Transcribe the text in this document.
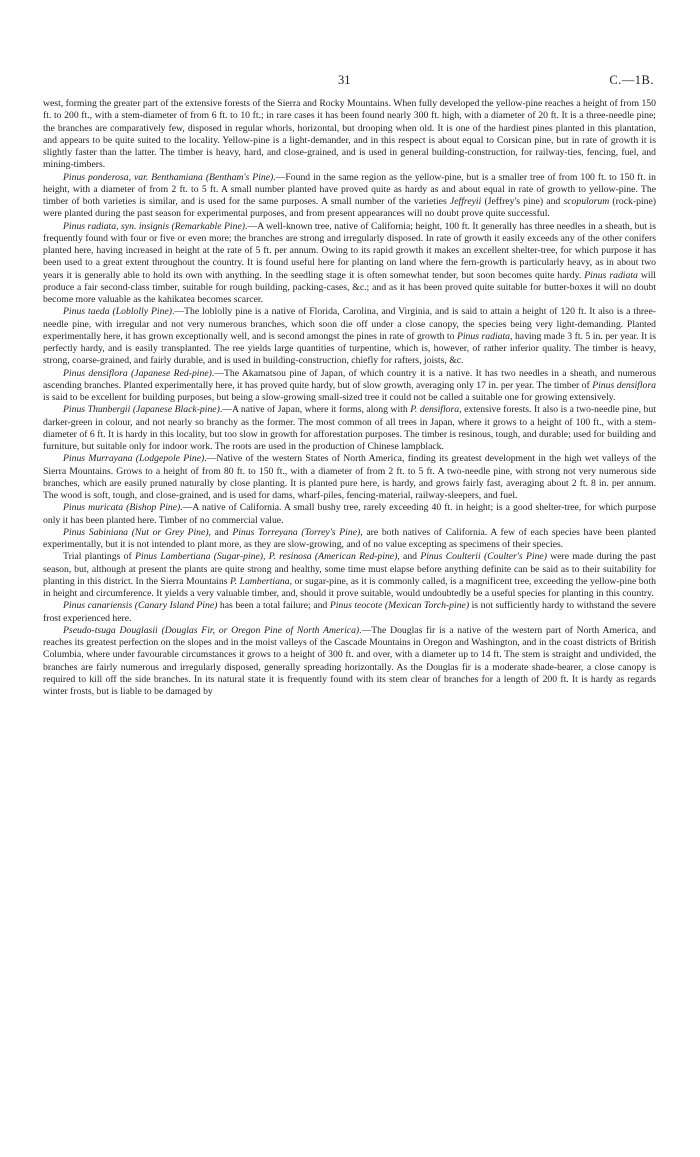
31	C.—1B.

west, forming the greater part of the extensive forests of the Sierra and Rocky Mountains. When fully developed the yellow-pine reaches a height of from 150 ft. to 200 ft., with a stem-diameter of from 6 ft. to 10 ft.; in rare cases it has been found nearly 300 ft. high, with a diameter of 20 ft. It is a three-needle pine; the branches are comparatively few, disposed in regular whorls, horizontal, but drooping when old. It is one of the hardiest pines planted in this plantation, and appears to be quite suited to the locality. Yellow-pine is a light-demander, and in this respect is about equal to Corsican pine, but in rate of growth it is slightly faster than the latter. The timber is heavy, hard, and close-grained, and is used in general building-construction, for railway-ties, fencing, fuel, and mining-timbers.

Pinus ponderosa, var. Benthamiana (Bentham's Pine).—Found in the same region as the yellow-pine, but is a smaller tree of from 100 ft. to 150 ft. in height, with a diameter of from 2 ft. to 5 ft. A small number planted have proved quite as hardy as and about equal in rate of growth to yellow-pine. The timber of both varieties is similar, and is used for the same purposes. A small number of the varieties Jeffreyii (Jeffrey's pine) and scopulorum (rock-pine) were planted during the past season for experimental purposes, and from present appearances will no doubt prove quite successful.

Pinus radiata, syn. insignis (Remarkable Pine).—A well-known tree, native of California; height, 100 ft. It generally has three needles in a sheath, but is frequently found with four or five or even more; the branches are strong and irregularly disposed. In rate of growth it easily exceeds any of the other conifers planted here, having increased in height at the rate of 5 ft. per annum. Owing to its rapid growth it makes an excellent shelter-tree, for which purpose it has been used to a great extent throughout the country. It is found useful here for planting on land where the fern-growth is particularly heavy, as in about two years it is generally able to hold its own with anything. In the seedling stage it is often somewhat tender, but soon becomes quite hardy. Pinus radiata will produce a fair second-class timber, suitable for rough building, packing-cases, &c.; and as it has been proved quite suitable for butter-boxes it will no doubt become more valuable as the kahikatea becomes scarcer.

Pinus taeda (Loblolly Pine).—The loblolly pine is a native of Florida, Carolina, and Virginia, and is said to attain a height of 120 ft. It also is a three-needle pine, with irregular and not very numerous branches, which soon die off under a close canopy, the species being very light-demanding. Planted experimentally here, it has grown exceptionally well, and is second amongst the pines in rate of growth to Pinus radiata, having made 3 ft. 5 in. per year. It is perfectly hardy, and is easily transplanted. The ree yields large quantities of turpentine, which is, however, of rather inferior quality. The timber is heavy, strong, coarse-grained, and fairly durable, and is used in building-construction, chiefly for rafters, joists, &c.

Pinus densiflora (Japanese Red-pine).—The Akamatsou pine of Japan, of which country it is a native. It has two needles in a sheath, and numerous ascending branches. Planted experimentally here, it has proved quite hardy, but of slow growth, averaging only 17 in. per year. The timber of Pinus densiflora is said to be excellent for building purposes, but being a slow-growing small-sized tree it could not be called a suitable one for growing extensively.

Pinus Thunbergii (Japanese Black-pine).—A native of Japan, where it forms, along with P. densiflora, extensive forests. It also is a two-needle pine, but darker-green in colour, and not nearly so branchy as the former. The most common of all trees in Japan, where it grows to a height of 100 ft., with a stem-diameter of 6 ft. It is hardy in this locality, but too slow in growth for afforestation purposes. The timber is resinous, tough, and durable; used for building and furniture, but suitable only for indoor work. The roots are used in the production of Chinese lampblack.

Pinus Murrayana (Lodgepole Pine).—Native of the western States of North America, finding its greatest development in the high wet valleys of the Sierra Mountains. Grows to a height of from 80 ft. to 150 ft., with a diameter of from 2 ft. to 5 ft. A two-needle pine, with strong not very numerous side branches, which are easily pruned naturally by close planting. It is planted pure here, is hardy, and grows fairly fast, averaging about 2 ft. 8 in. per annum. The wood is soft, tough, and close-grained, and is used for dams, wharf-piles, fencing-material, railway-sleepers, and fuel.

Pinus muricata (Bishop Pine).—A native of California. A small bushy tree, rarely exceeding 40 ft. in height; is a good shelter-tree, for which purpose only it has been planted here. Timber of no commercial value.

Pinus Sabiniana (Nut or Grey Pine), and Pinus Torreyana (Torrey's Pine), are both natives of California. A few of each species have been planted experimentally, but it is not intended to plant more, as they are slow-growing, and of no value excepting as specimens of their species.

Trial plantings of Pinus Lambertiana (Sugar-pine), P. resinosa (American Red-pine), and Pinus Coulterii (Coulter's Pine) were made during the past season, but, although at present the plants are quite strong and healthy, some time must elapse before anything definite can be said as to their suitability for planting in this district. In the Sierra Mountains P. Lambertiana, or sugar-pine, as it is commonly called, is a magnificent tree, exceeding the yellow-pine both in height and circumference. It yields a very valuable timber, and, should it prove suitable, would undoubtedly be a useful species for planting in this country.

Pinus canariensis (Canary Island Pine) has been a total failure; and Pinus teocote (Mexican Torch-pine) is not sufficiently hardy to withstand the severe frost experienced here.

Pseudo-tsuga Douglasii (Douglas Fir, or Oregon Pine of North America).—The Douglas fir is a native of the western part of North America, and reaches its greatest perfection on the slopes and in the moist valleys of the Cascade Mountains in Oregon and Washington, and in the coast districts of British Columbia, where under favourable circumstances it grows to a height of 300 ft. and over, with a diameter up to 14 ft. The stem is straight and undivided, the branches are fairly numerous and irregularly disposed, generally spreading horizontally. As the Douglas fir is a moderate shade-bearer, a close canopy is required to kill off the side branches. In its natural state it is frequently found with its stem clear of branches for a length of 200 ft. It is hardy as regards winter frosts, but is liable to be damaged by
